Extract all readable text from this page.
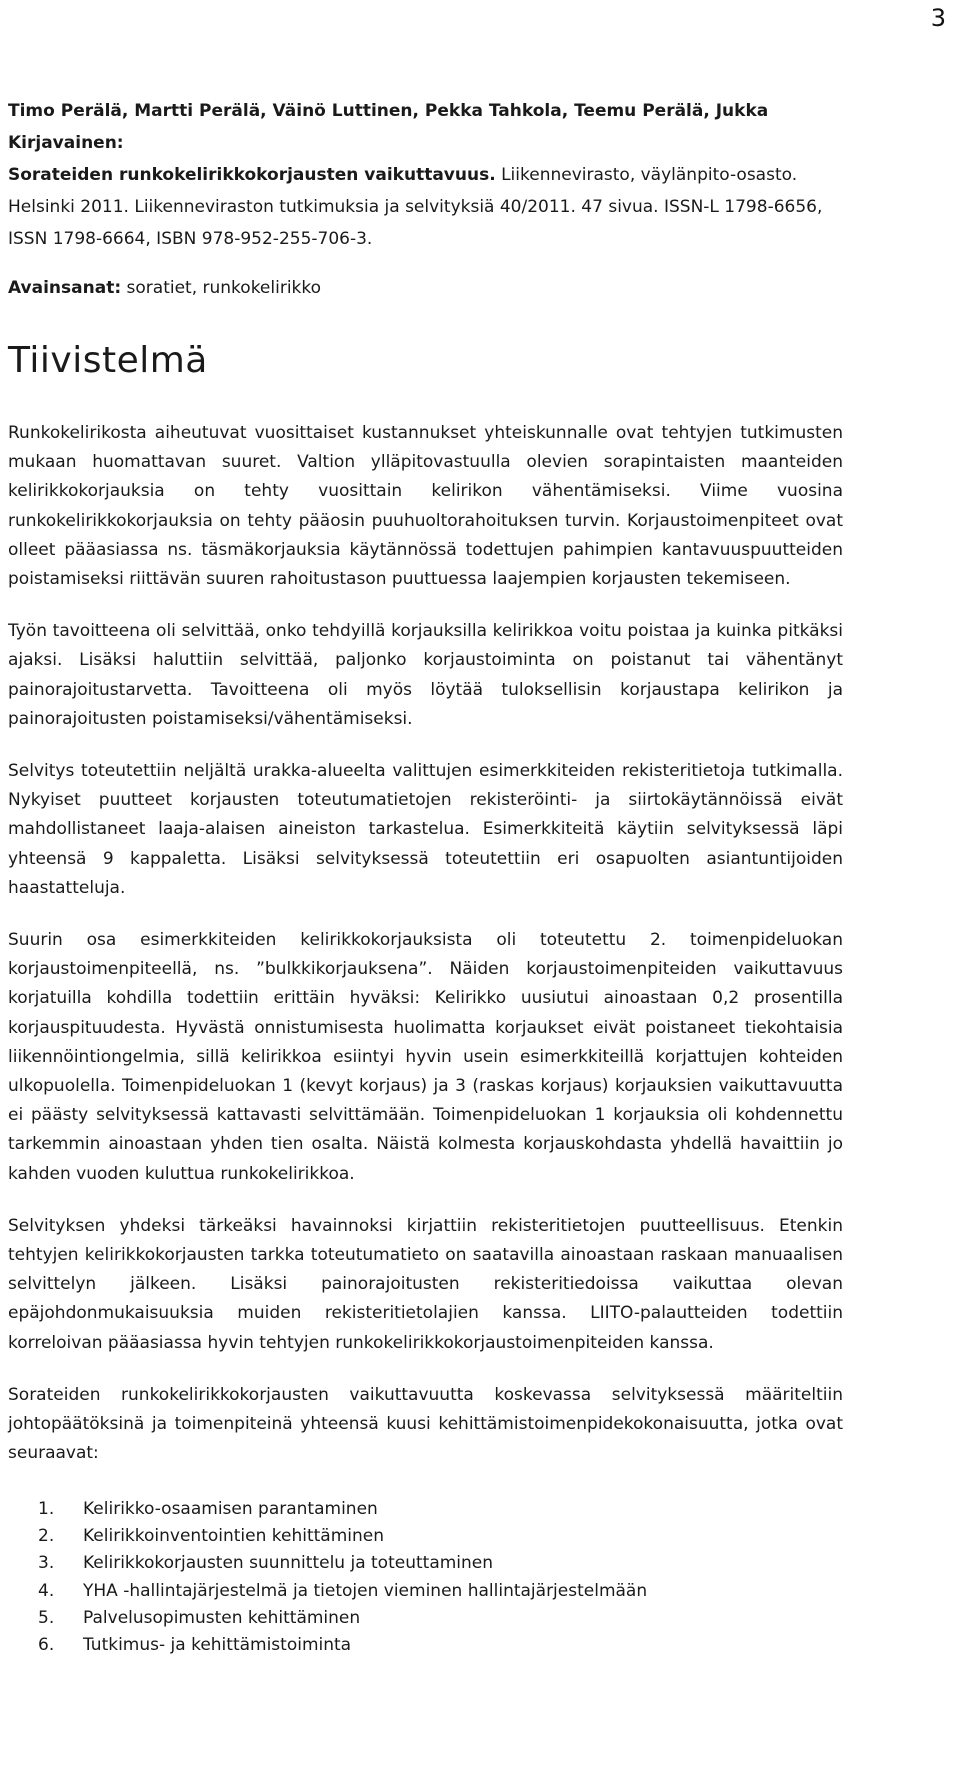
3

Timo Perälä, Martti Perälä, Väinö Luttinen, Pekka Tahkola, Teemu Perälä, Jukka Kirjavainen:
Sorateiden runkokelirikkokorjausten vaikuttavuus. Liikennevirasto, väylänpito-osasto. Helsinki 2011. Liikenneviraston tutkimuksia ja selvityksiä 40/2011. 47 sivua. ISSN-L 1798-6656, ISSN 1798-6664, ISBN 978-952-255-706-3.

Avainsanat: soratiet, runkokelirikko

Tiivistelmä

Runkokelirikosta aiheutuvat vuosittaiset kustannukset yhteiskunnalle ovat tehtyjen tutkimusten mukaan huomattavan suuret. Valtion ylläpitovastuulla olevien sorapintaisten maanteiden kelirikkokorjauksia on tehty vuosittain kelirikon vähentämiseksi. Viime vuosina runkokelirikkokorjauksia on tehty pääosin puuhuoltorahoituksen turvin. Korjaustoimenpiteet ovat olleet pääasiassa ns. täsmäkorjauksia käytännössä todettujen pahimpien kantavuuspuutteiden poistamiseksi riittävän suuren rahoitustason puuttuessa laajempien korjausten tekemiseen.

Työn tavoitteena oli selvittää, onko tehdyillä korjauksilla kelirikkoa voitu poistaa ja kuinka pitkäksi ajaksi. Lisäksi haluttiin selvittää, paljonko korjaustoiminta on poistanut tai vähentänyt painorajoitustarvetta. Tavoitteena oli myös löytää tuloksellisin korjaustapa kelirikon ja painorajoitusten poistamiseksi/vähentämiseksi.

Selvitys toteutettiin neljältä urakka-alueelta valittujen esimerkkiteiden rekisteritietoja tutkimalla. Nykyiset puutteet korjausten toteutumatietojen rekisteröinti- ja siirtokäytännöissä eivät mahdollistaneet laaja-alaisen aineiston tarkastelua. Esimerkkiteitä käytiin selvityksessä läpi yhteensä 9 kappaletta. Lisäksi selvityksessä toteutettiin eri osapuolten asiantuntijoiden haastatteluja.

Suurin osa esimerkkiteiden kelirikkokorjauksista oli toteutettu 2. toimenpideluokan korjaustoimenpiteellä, ns. ”bulkkikorjauksena”. Näiden korjaustoimenpiteiden vaikuttavuus korjatuilla kohdilla todettiin erittäin hyväksi: Kelirikko uusiutui ainoastaan 0,2 prosentilla korjauspituudesta. Hyvästä onnistumisesta huolimatta korjaukset eivät poistaneet tiekohtaisia liikennöintiongelmia, sillä kelirikkoa esiintyi hyvin usein esimerkkiteillä korjattujen kohteiden ulkopuolella. Toimenpideluokan 1 (kevyt korjaus) ja 3 (raskas korjaus) korjauksien vaikuttavuutta ei päästy selvityksessä kattavasti selvittämään. Toimenpideluokan 1 korjauksia oli kohdennettu tarkemmin ainoastaan yhden tien osalta. Näistä kolmesta korjauskohdasta yhdellä havaittiin jo kahden vuoden kuluttua runkokelirikkoa.

Selvityksen yhdeksi tärkeäksi havainnoksi kirjattiin rekisteritietojen puutteellisuus. Etenkin tehtyjen kelirikkokorjausten tarkka toteutumatieto on saatavilla ainoastaan raskaan manuaalisen selvittelyn jälkeen. Lisäksi painorajoitusten rekisteritiedoissa vaikuttaa olevan epäjohdonmukaisuuksia muiden rekisteritietolajien kanssa. LIITO-palautteiden todettiin korreloivan pääasiassa hyvin tehtyjen runkokelirikkokorjaustoimenpiteiden kanssa.

Sorateiden runkokelirikkokorjausten vaikuttavuutta koskevassa selvityksessä määriteltiin johtopäätöksinä ja toimenpiteinä yhteensä kuusi kehittämistoimenpidekokonaisuutta, jotka ovat seuraavat:

1.	Kelirikko-osaamisen parantaminen
2.	Kelirikkoinventointien kehittäminen
3.	Kelirikkokorjausten suunnittelu ja toteuttaminen
4.	YHA -hallintajärjestelmä ja tietojen vieminen hallintajärjestelmään
5.	Palvelusopimusten kehittäminen
6.	Tutkimus- ja kehittämistoiminta
